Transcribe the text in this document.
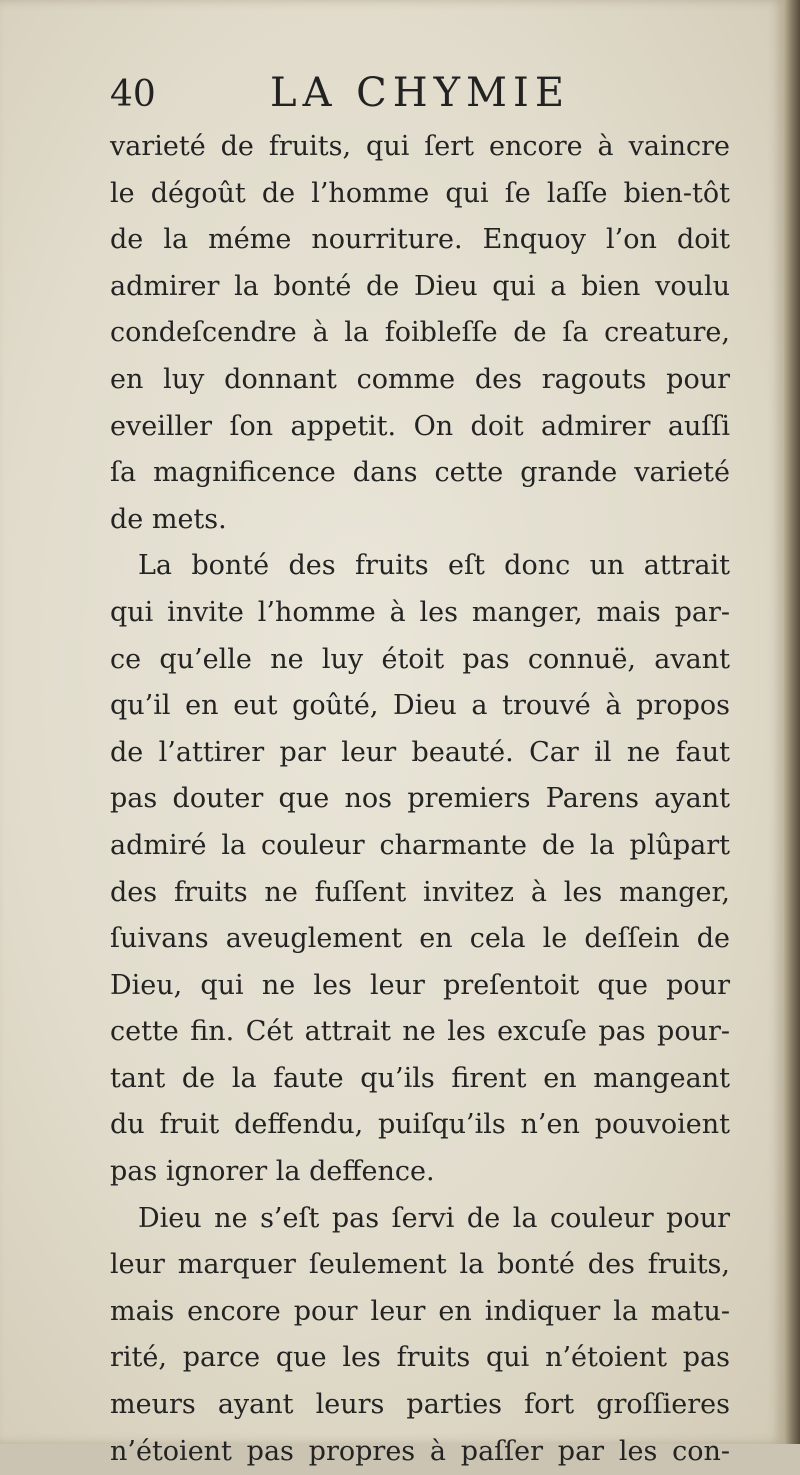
40	LA CHYMIE
varieté de fruits, qui ſert encore à vaincre
le dégoût de l’homme qui ſe laſſe bien-tôt
de la méme nourriture. Enquoy l’on doit
admirer la bonté de Dieu qui a bien voulu
condeſcendre à la foibleſſe de ſa creature,
en luy donnant comme des ragouts pour
eveiller ſon appetit. On doit admirer auſſi
ſa magnificence dans cette grande varieté
de mets.
La bonté des fruits eſt donc un attrait
qui invite l’homme à les manger, mais par-
ce qu’elle ne luy étoit pas connuë, avant
qu’il en eut goûté, Dieu a trouvé à propos
de l’attirer par leur beauté. Car il ne faut
pas douter que nos premiers Parens ayant
admiré la couleur charmante de la plûpart
des fruits ne fuſſent invitez à les manger,
ſuivans aveuglement en cela le deſſein de
Dieu, qui ne les leur preſentoit que pour
cette fin. Cét attrait ne les excuſe pas pour-
tant de la faute qu’ils firent en mangeant
du fruit deffendu, puiſqu’ils n’en pouvoient
pas ignorer la deffence.
Dieu ne s’eſt pas ſervi de la couleur pour
leur marquer ſeulement la bonté des fruits,
mais encore pour leur en indiquer la matu-
rité, parce que les fruits qui n’étoient pas
meurs ayant leurs parties fort groſſieres
n’étoient pas propres à paſſer par les con-
